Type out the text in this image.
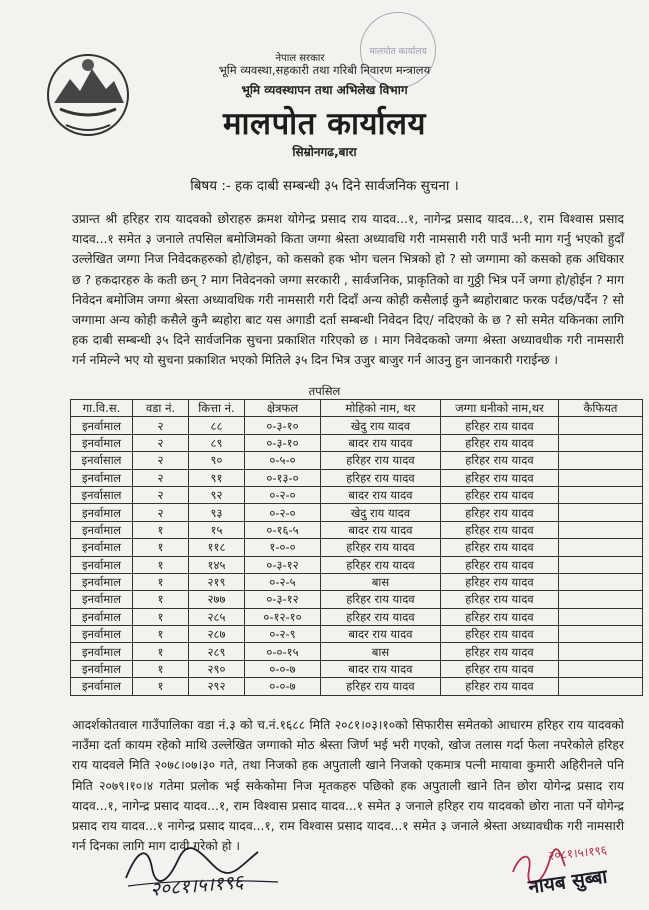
मालपोत कार्यालय
नेपाल सरकार
भूमि व्यवस्था,सहकारी तथा गरिबी निवारण मन्त्रालय
भूमि व्यवस्थापन तथा अभिलेख विभाग
मालपोत कार्यालय
सिम्रोनगढ,बारा
बिषय :- हक दाबी सम्बन्धी ३५ दिने सार्वजनिक सुचना ।

उप्रान्त श्री हरिहर राय यादवको छोराहरु क्रमश योगेन्द्र प्रसाद राय यादव...१, नागेन्द्र प्रसाद यादव...१, राम विश्वास प्रसाद यादव...१ समेत ३ जनाले तपसिल बमोजिमको किता जग्गा श्रेस्ता अध्यावधि गरी नामसारी गरी पाउँ भनी माग गर्नु भएको हुदाँ उल्लेखित जग्गा निज निवेदकहरुको हो/होइन, को कसको हक भोग चलन भित्रको हो ? सो जग्गामा को कसको हक अधिकार छ ? हकदारहरु के कती छन् ? माग निवेदनको जग्गा सरकारी , सार्वजनिक, प्राकृतिको वा गुठ्ठी भित्र पर्ने जग्गा हो/होईन ? माग निवेदन बमोजिम जग्गा श्रेस्ता अध्यावधिक गरी नामसारी गरी दिदाँ अन्य कोही कसैलाई कुनै ब्यहोराबाट फरक पर्दछ/पर्दैन ? सो जग्गामा अन्य कोही कसैले कुनै ब्यहोरा बाट यस अगाडी दर्ता सम्बन्धी निवेदन दिए/ नदिएको के छ ? सो समेत यकिनका लागि हक दाबी सम्बन्धी ३५ दिने सार्वजनिक सुचना प्रकाशित गरिएको छ । माग निवेदकको जग्गा श्रेस्ता अध्यावधीक गरी नामसारी गर्न नमिल्ने भए यो सुचना प्रकाशित भएको मितिले ३५ दिन भित्र उजुर बाजुर गर्न आउनु हुन जानकारी गराईन्छ ।

तपसिल
गा.वि.स.	वडा नं.	कित्ता नं.	क्षेत्रफल	मोहिको नाम, थर	जग्गा धनीको नाम,थर	कैफियत
इनर्वामाल	२	८८	०-३-१०	खेदु राय यादव	हरिहर राय यादव	
इनर्वामाल	२	८९	०-३-१०	बादर राय यादव	हरिहर राय यादव	
इनर्वासाल	२	९०	०-५-०	हरिहर राय यादव	हरिहर राय यादव	
इनर्वामाल	२	९१	०-१३-०	हरिहर राय यादव	हरिहर राय यादव	
इनर्वासाल	२	९२	०-२-०	बादर राय यादव	हरिहर राय यादव	
इनर्वामाल	२	९३	०-२-०	खेदु राय यादव	हरिहर राय यादव	
इनर्वामाल	१	१५	०-१६-५	बादर राय यादव	हरिहर राय यादव	
इनर्वामाल	१	११८	१-०-०	हरिहर राय यादव	हरिहर राय यादव	
इनर्वामाल	१	१४५	०-३-१२	हरिहर राय यादव	हरिहर राय यादव	
इनर्वामाल	१	२१९	०-२-५	बास	हरिहर राय यादव	
इनर्वामाल	१	२७७	०-३-१२	हरिहर राय यादव	हरिहर राय यादव	
इनर्वामाल	१	२८५	०-१२-१०	हरिहर राय यादव	हरिहर राय यादव	
इनर्वामाल	१	२८७	०-२-९	बादर राय यादव	हरिहर राय यादव	
इनर्वामाल	१	२८९	०-०-१५	बास	हरिहर राय यादव	
इनर्वामाल	१	२९०	०-०-७	बादर राय यादव	हरिहर राय यादव	
इनर्वामाल	१	२९२	०-०-७	हरिहर राय यादव	हरिहर राय यादव	

आदर्शकोतवाल गाउँपालिका वडा नं.३ को च.नं.१६८८ मिति २०८१।०३।१०को सिफारीस समेतको आधारम हरिहर राय यादवको नाउँमा दर्ता कायम रहेको माथि उल्लेखित जग्गाको मोठ श्रेस्ता जिर्ण भई भरी गएको, खोज तलास गर्दा फेला नपरेकोले हरिहर राय यादवले मिति २०७८।०७।३० गते, तथा निजको हक अपुताली खाने निजको एकमात्र पत्नी मायावा कुमारी अहिरीनले पनि मिति २०७९।१०।४ गतेमा प्रलोक भई सकेकोमा निज मृतकहरु पछिको हक अपुताली खाने तिन छोरा योगेन्द्र प्रसाद राय यादव...१, नागेन्द्र प्रसाद यादव...१, राम विश्वास प्रसाद यादव...१ समेत ३ जनाले हरिहर राय यादवको छोरा नाता पर्ने योगेन्द्र प्रसाद राय यादव...१ नागेन्द्र प्रसाद यादव...१, राम विश्वास प्रसाद यादव...१ समेत ३ जनाले श्रेस्ता अध्यावधीक गरी नामसारी गर्न दिनका लागि माग दावी गरेको हो ।

२०८१।५।१९६
२०८१।५।१९६
नायब सुब्बा
